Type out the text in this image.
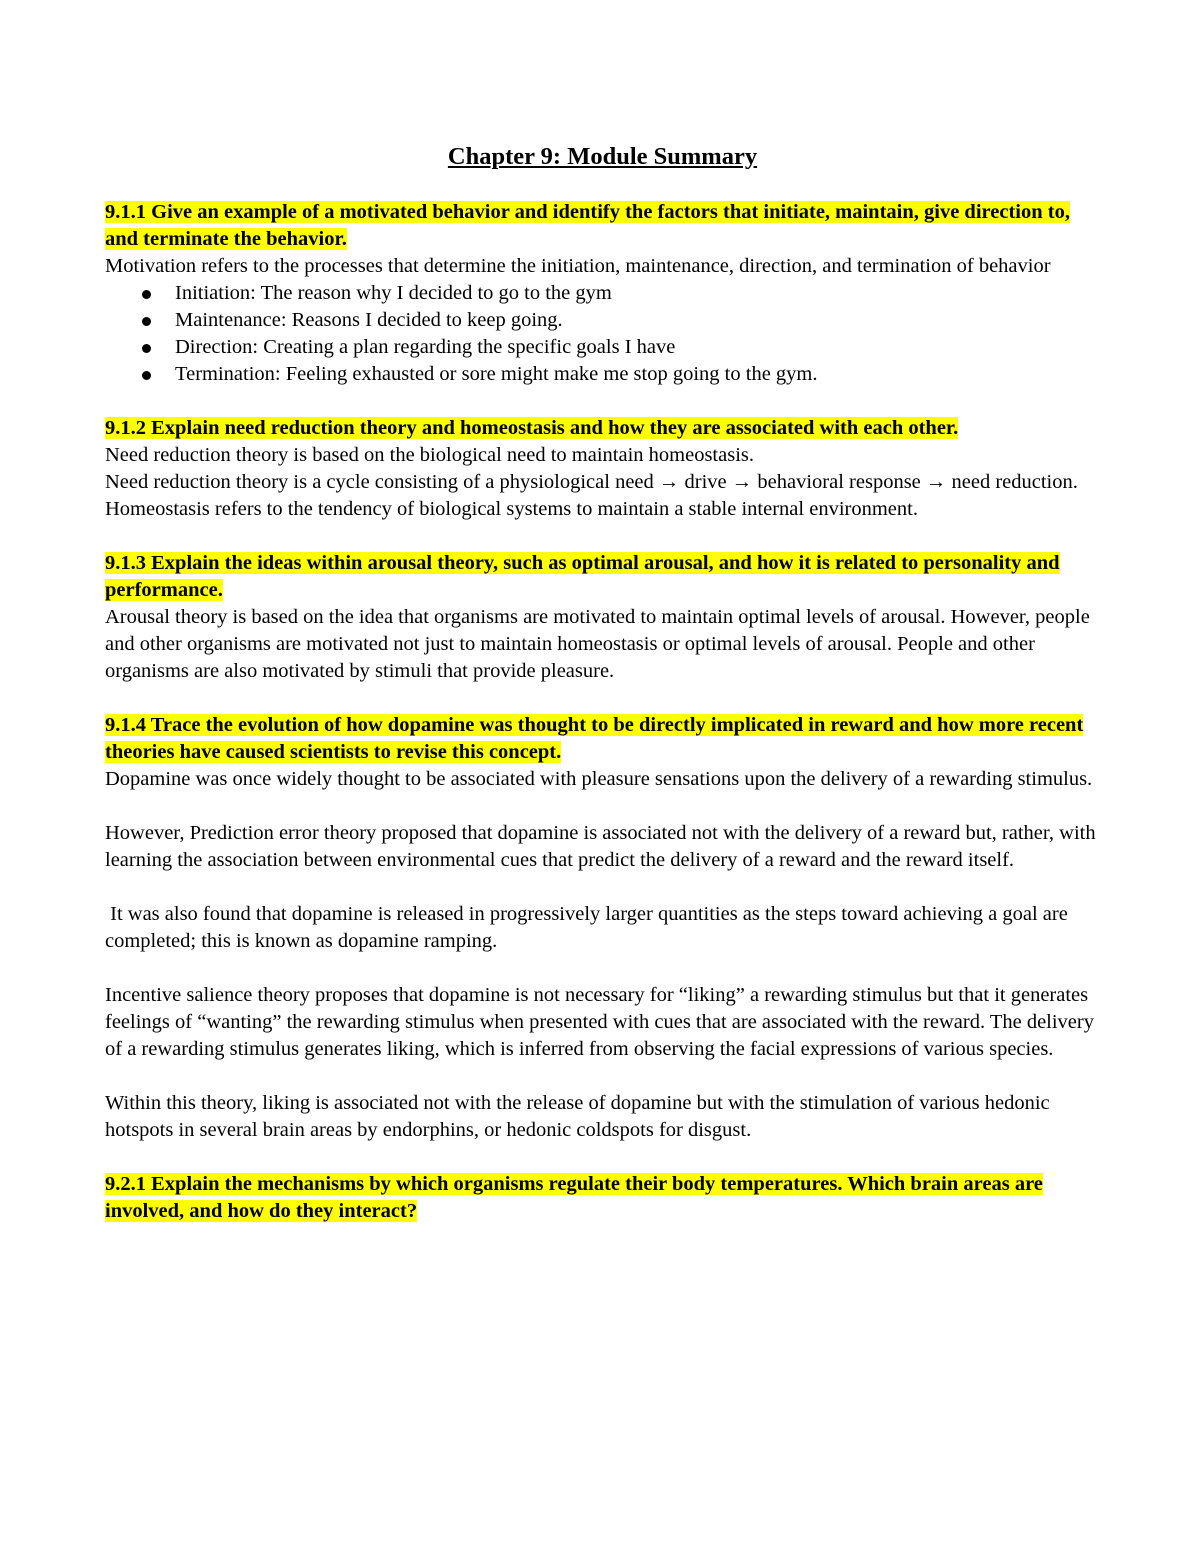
Chapter 9: Module Summary

9.1.1 Give an example of a motivated behavior and identify the factors that initiate, maintain, give direction to, and terminate the behavior.

Motivation refers to the processes that determine the initiation, maintenance, direction, and termination of behavior

Initiation: The reason why I decided to go to the gym
Maintenance: Reasons I decided to keep going.
Direction: Creating a plan regarding the specific goals I have
Termination: Feeling exhausted or sore might make me stop going to the gym.

9.1.2 Explain need reduction theory and homeostasis and how they are associated with each other.

Need reduction theory is based on the biological need to maintain homeostasis.

Need reduction theory is a cycle consisting of a physiological need → drive → behavioral response → need reduction. Homeostasis refers to the tendency of biological systems to maintain a stable internal environment.

9.1.3 Explain the ideas within arousal theory, such as optimal arousal, and how it is related to personality and performance.

Arousal theory is based on the idea that organisms are motivated to maintain optimal levels of arousal. However, people and other organisms are motivated not just to maintain homeostasis or optimal levels of arousal. People and other organisms are also motivated by stimuli that provide pleasure.

9.1.4 Trace the evolution of how dopamine was thought to be directly implicated in reward and how more recent theories have caused scientists to revise this concept.

Dopamine was once widely thought to be associated with pleasure sensations upon the delivery of a rewarding stimulus.

However, Prediction error theory proposed that dopamine is associated not with the delivery of a reward but, rather, with learning the association between environmental cues that predict the delivery of a reward and the reward itself.

It was also found that dopamine is released in progressively larger quantities as the steps toward achieving a goal are completed; this is known as dopamine ramping.

Incentive salience theory proposes that dopamine is not necessary for “liking” a rewarding stimulus but that it generates feelings of “wanting” the rewarding stimulus when presented with cues that are associated with the reward. The delivery of a rewarding stimulus generates liking, which is inferred from observing the facial expressions of various species.

Within this theory, liking is associated not with the release of dopamine but with the stimulation of various hedonic hotspots in several brain areas by endorphins, or hedonic coldspots for disgust.

9.2.1 Explain the mechanisms by which organisms regulate their body temperatures. Which brain areas are involved, and how do they interact?
